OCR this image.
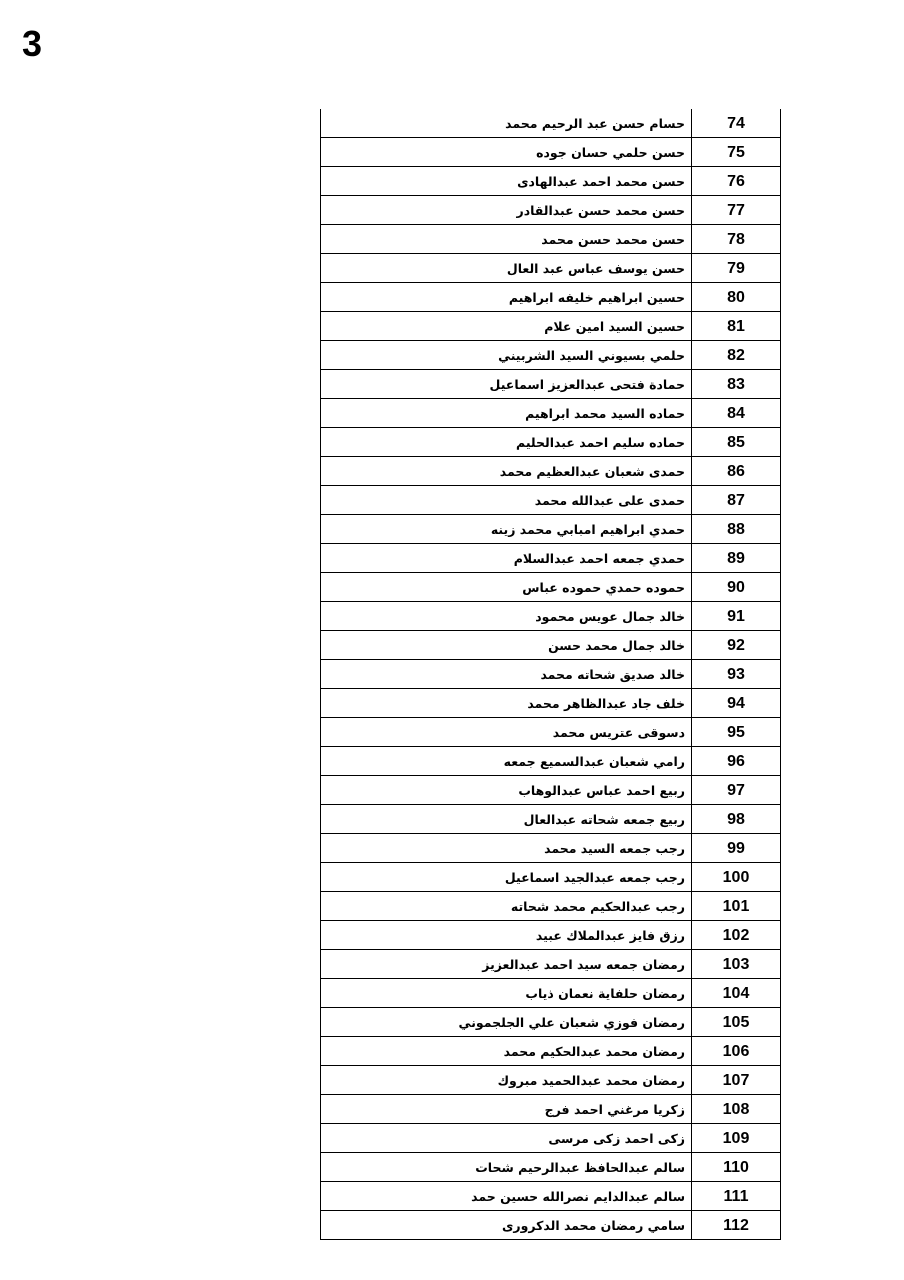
3
حسام حسن عبد الرحيم محمد	74
حسن حلمي حسان جوده	75
حسن محمد احمد عبدالهادى	76
حسن محمد حسن عبدالقادر	77
حسن محمد حسن محمد	78
حسن يوسف عباس عبد العال	79
حسين ابراهيم خليفه ابراهيم	80
حسين السيد امين علام	81
حلمي بسيوني السيد الشربيني	82
حمادة فتحى عبدالعزيز اسماعيل	83
حماده السيد محمد ابراهيم	84
حماده سليم احمد عبدالحليم	85
حمدى شعبان عبدالعظيم محمد	86
حمدى على عبدالله محمد	87
حمدي ابراهيم امبابي محمد زينه	88
حمدي جمعه احمد عبدالسلام	89
حموده حمدي حموده عباس	90
خالد جمال عويس محمود	91
خالد جمال محمد حسن	92
خالد صديق شحاته محمد	93
خلف جاد عبدالظاهر محمد	94
دسوقى عتريس محمد	95
رامي شعبان عبدالسميع جمعه	96
ربيع احمد عباس عبدالوهاب	97
ربيع جمعه شحاته عبدالعال	98
رجب جمعه السيد محمد	99
رجب جمعه عبدالجيد اسماعيل	100
رجب عبدالحكيم محمد شحاته	101
رزق فايز عبدالملاك عبيد	102
رمضان جمعه سيد احمد عبدالعزيز	103
رمضان حلفاية نعمان ذياب	104
رمضان فوزي شعبان علي الجلجموني	105
رمضان محمد عبدالحكيم محمد	106
رمضان محمد عبدالحميد مبروك	107
زكريا مرغني احمد فرج	108
زكى احمد زكى مرسى	109
سالم عبدالحافظ عبدالرحيم شحات	110
سالم عبدالدايم نصرالله حسين حمد	111
سامي رمضان محمد الدكرورى	112
